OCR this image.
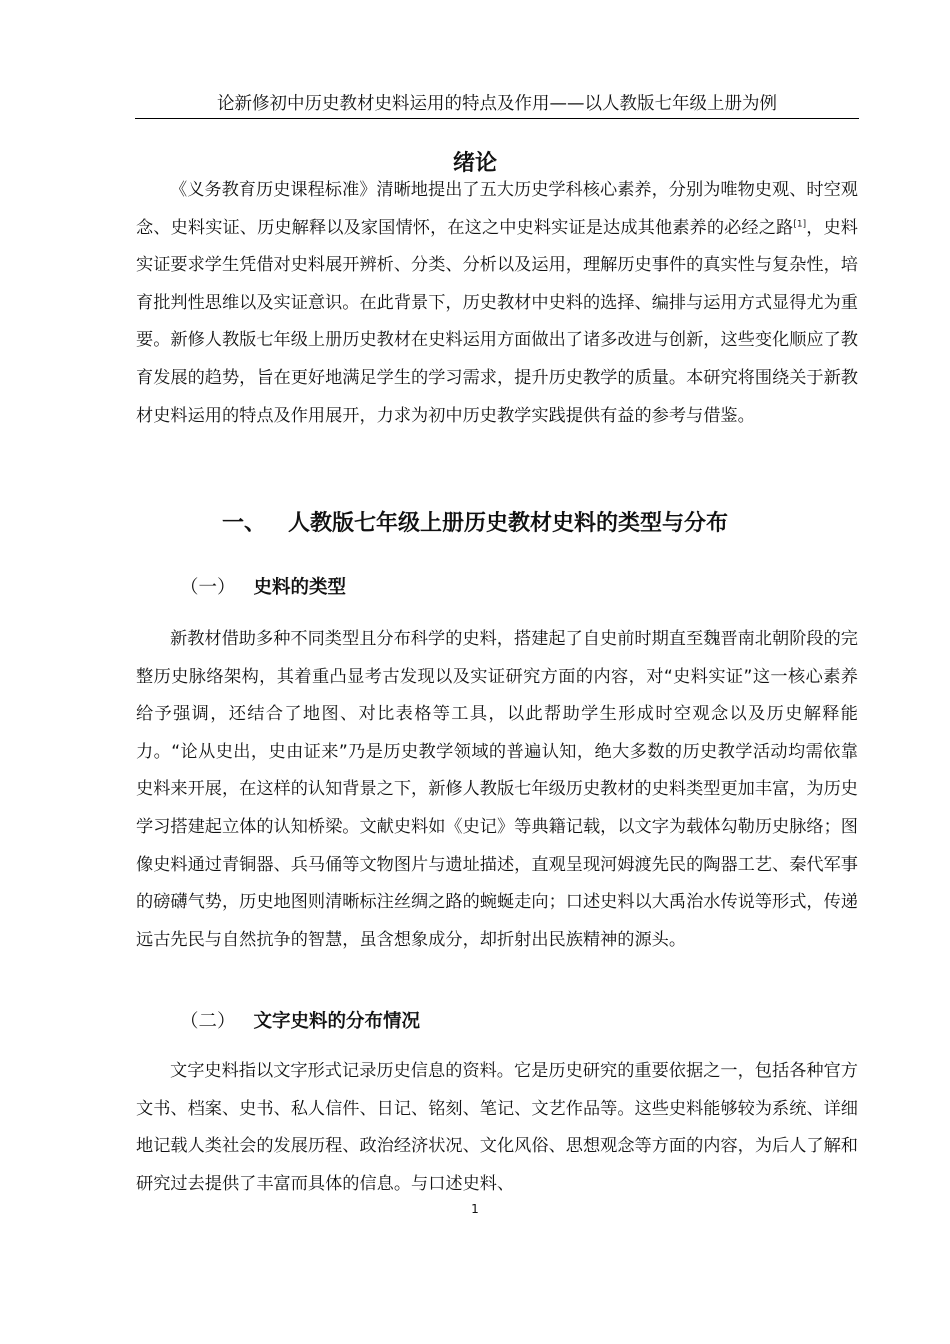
论新修初中历史教材史料运用的特点及作用——以人教版七年级上册为例
绪论

《义务教育历史课程标准》清晰地提出了五大历史学科核心素养，分别为唯物史观、时空观念、史料实证、历史解释以及家国情怀，在这之中史料实证是达成其他素养的必经之路[1]，史料实证要求学生凭借对史料展开辨析、分类、分析以及运用，理解历史事件的真实性与复杂性，培育批判性思维以及实证意识。在此背景下，历史教材中史料的选择、编排与运用方式显得尤为重要。新修人教版七年级上册历史教材在史料运用方面做出了诸多改进与创新，这些变化顺应了教育发展的趋势，旨在更好地满足学生的学习需求，提升历史教学的质量。本研究将围绕关于新教材史料运用的特点及作用展开，力求为初中历史教学实践提供有益的参考与借鉴。

一、 人教版七年级上册历史教材史料的类型与分布
（一） 史料的类型

新教材借助多种不同类型且分布科学的史料，搭建起了自史前时期直至魏晋南北朝阶段的完整历史脉络架构，其着重凸显考古发现以及实证研究方面的内容，对“史料实证”这一核心素养给予强调，还结合了地图、对比表格等工具，以此帮助学生形成时空观念以及历史解释能力。“论从史出，史由证来”乃是历史教学领域的普遍认知，绝大多数的历史教学活动均需依靠史料来开展，在这样的认知背景之下，新修人教版七年级历史教材的史料类型更加丰富，为历史学习搭建起立体的认知桥梁。文献史料如《史记》等典籍记载，以文字为载体勾勒历史脉络；图像史料通过青铜器、兵马俑等文物图片与遗址描述，直观呈现河姆渡先民的陶器工艺、秦代军事的磅礴气势，历史地图则清晰标注丝绸之路的蜿蜒走向；口述史料以大禹治水传说等形式，传递远古先民与自然抗争的智慧，虽含想象成分，却折射出民族精神的源头。

（二） 文字史料的分布情况

文字史料指以文字形式记录历史信息的资料。它是历史研究的重要依据之一，包括各种官方文书、档案、史书、私人信件、日记、铭刻、笔记、文艺作品等。这些史料能够较为系统、详细地记载人类社会的发展历程、政治经济状况、文化风俗、思想观念等方面的内容，为后人了解和研究过去提供了丰富而具体的信息。与口述史料、

1
